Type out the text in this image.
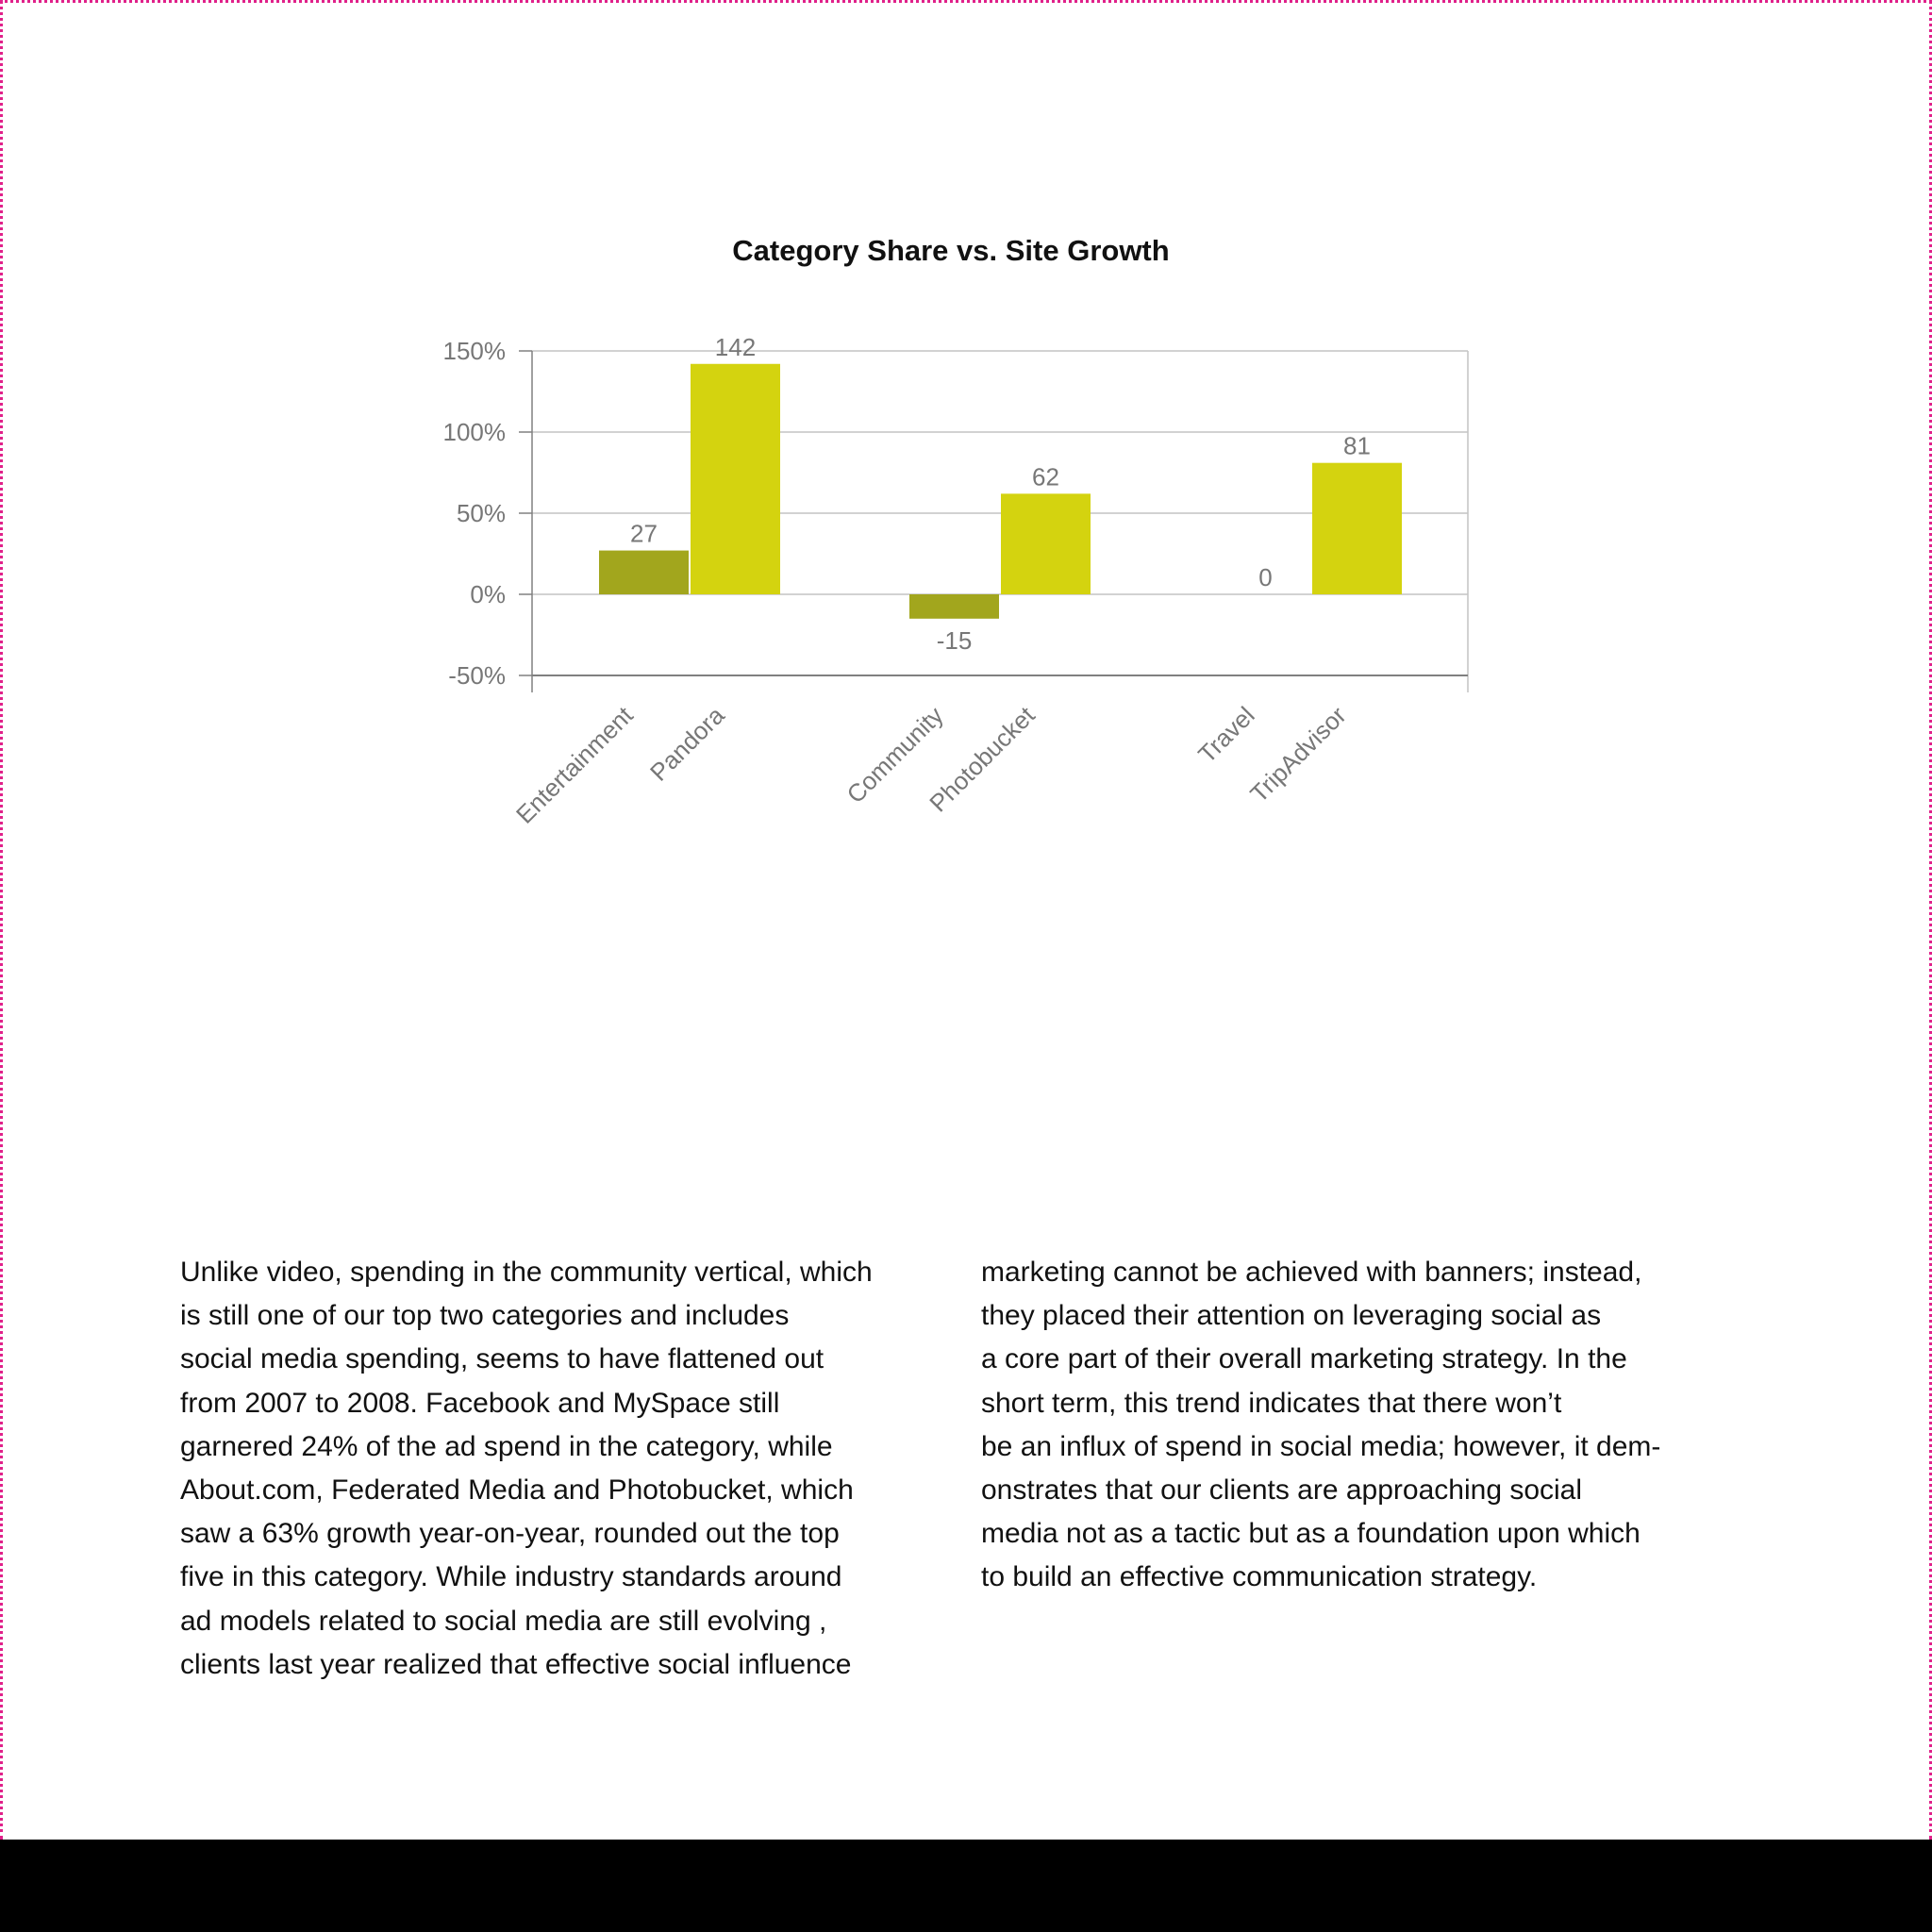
Category Share vs. Site Growth
150%
100%
50%
0%
-50%
27
Entertainment
142
Pandora
-15
Community
62
Photobucket
0
Travel
81
TripAdvisor

Unlike video, spending in the community vertical, which
is still one of our top two categories and includes
social media spending, seems to have flattened out
from 2007 to 2008. Facebook and MySpace still
garnered 24% of the ad spend in the category, while
About.com, Federated Media and Photobucket, which
saw a 63% growth year-on-year, rounded out the top
five in this category. While industry standards around
ad models related to social media are still evolving ,
clients last year realized that effective social influence

marketing cannot be achieved with banners; instead,
they placed their attention on leveraging social as
a core part of their overall marketing strategy. In the
short term, this trend indicates that there won’t
be an influx of spend in social media; however, it dem-
onstrates that our clients are approaching social
media not as a tactic but as a foundation upon which
to build an effective communication strategy.
